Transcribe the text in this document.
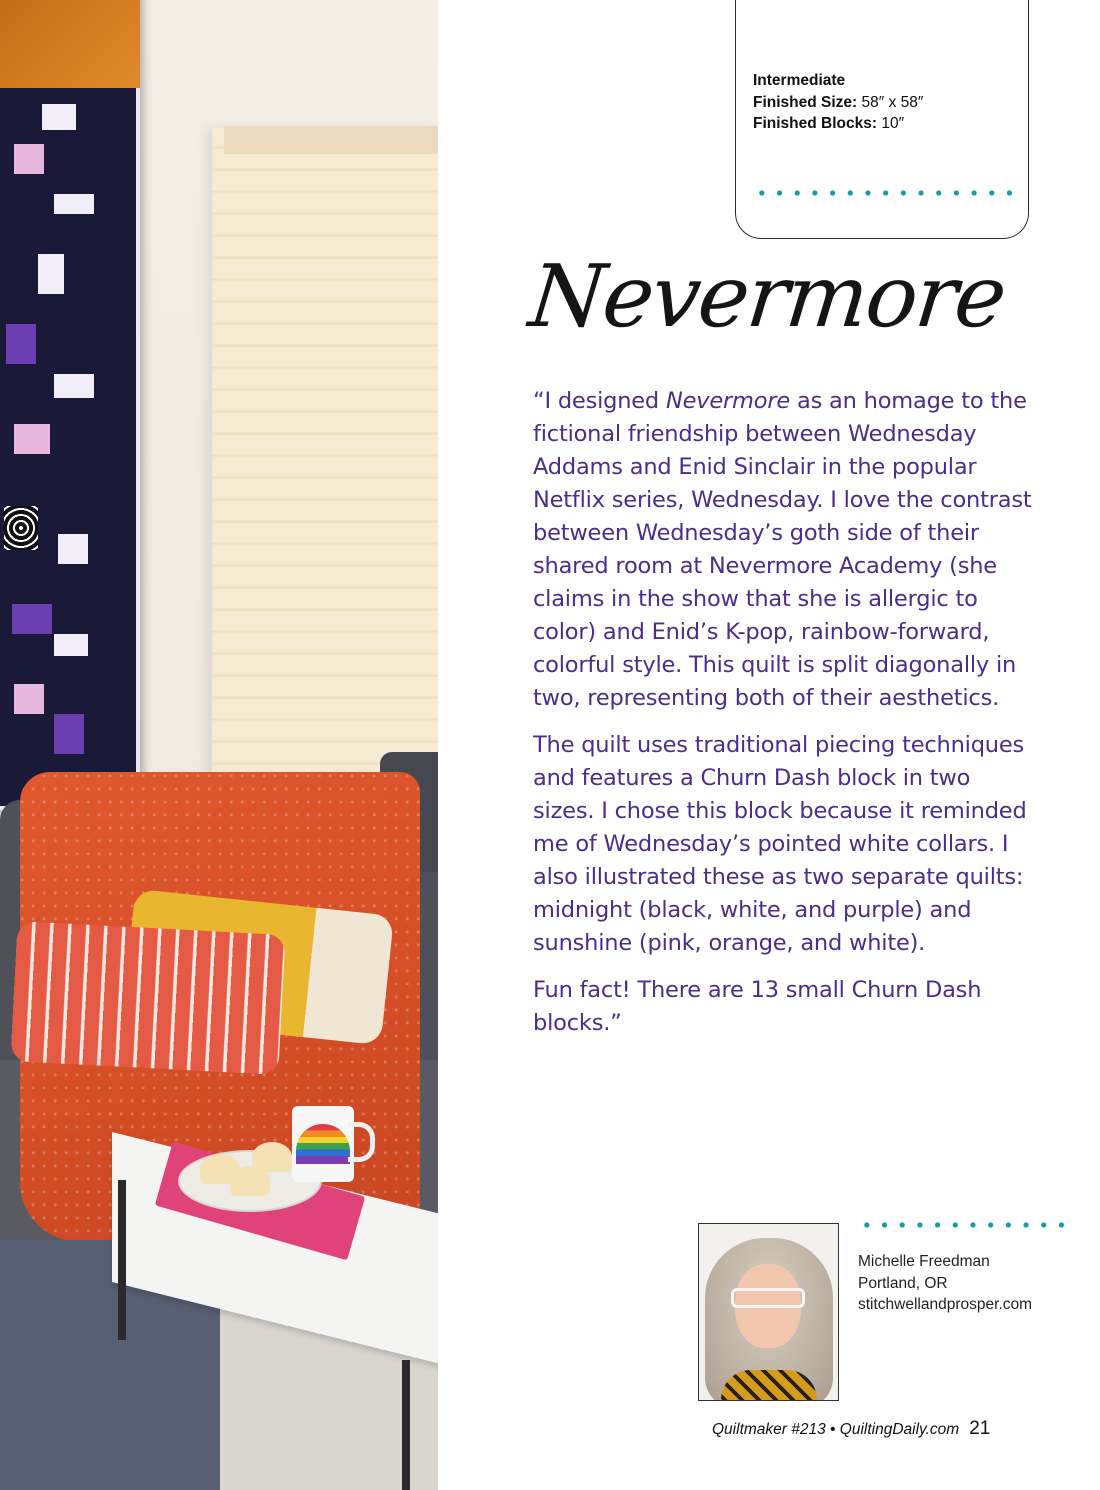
Intermediate
Finished Size: 58″ x 58″
Finished Blocks: 10″
Nevermore

“I designed Nevermore as an homage to the fictional friendship between Wednesday Addams and Enid Sinclair in the popular Netflix series, Wednesday. I love the contrast between Wednesday’s goth side of their shared room at Nevermore Academy (she claims in the show that she is allergic to color) and Enid’s K-pop, rainbow-forward, colorful style. This quilt is split diagonally in two, representing both of their aesthetics.

The quilt uses traditional piecing techniques and features a Churn Dash block in two sizes. I chose this block because it reminded me of Wednesday’s pointed white collars. I also illustrated these as two separate quilts: midnight (black, white, and purple) and sunshine (pink, orange, and white).

Fun fact! There are 13 small Churn Dash blocks.”

Michelle Freedman
Portland, OR
stitchwellandprosper.com
Quiltmaker #213 • QuiltingDaily.com 21
